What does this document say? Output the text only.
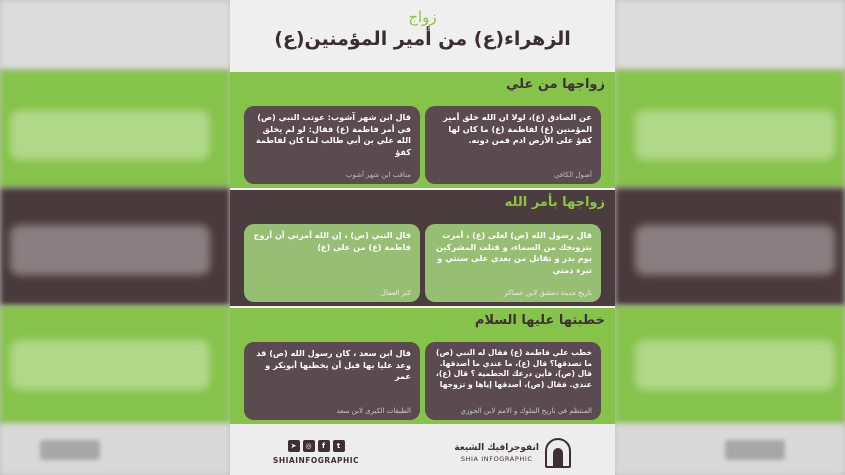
زواج
الزهراء(ع) من أمير المؤمنين(ع)
زواجها من علي
عن الصادق (ع)، لولا ان الله خلق أمير المؤمنين (ع) لفاطمة (ع) ما كان لها كفؤ على الأرض ادم فمن دونه.
أصول الكافي
قال ابن شهر آشوب: عوتب النبي (ص) في أمر فاطمة (ع) فقال: لو لم يخلق الله علي بن أبي طالب لما كان لفاطمة كفؤ
مناقب ابن شهر آشوب
زواجها بأمر الله
قال رسول الله (ص) لعلي (ع) ، أمرت بتزويجك من السماء، و قتلت المشركين يوم بدر و تقاتل من بعدي على سنتي و تبرء ذمتي
تاريخ مدينة دمشق لابن عساكر
قال النبي (ص) ، إن الله أمرني أن أزوج فاطمة (ع) من علي (ع)
كنز العمال
خطبتها عليها السلام
خطب علي فاطمة (ع) فقال له النبي (ص) ما تصدقها؟ قال (ع)، ما عندي ما أصدقها. قال (ص)، فأين درعك الحطمية ؟ قال (ع)، عندي. فقال (ص)، أصدقها إياها و تزوجها
المنتظم في تاريخ الملوك و الامم لابن الجوزي
قال ابن سعد ، كان رسول الله (ص) قد وعد عليا بها قبل أن يخطبها أبوبكر و عمر
الطبقات الكبرى لابن سعد
➤	◎	f	t
SHIAINFOGRAPHIC
انفوجرافيك الشيعة
SHIA INFOGRAPHIC
